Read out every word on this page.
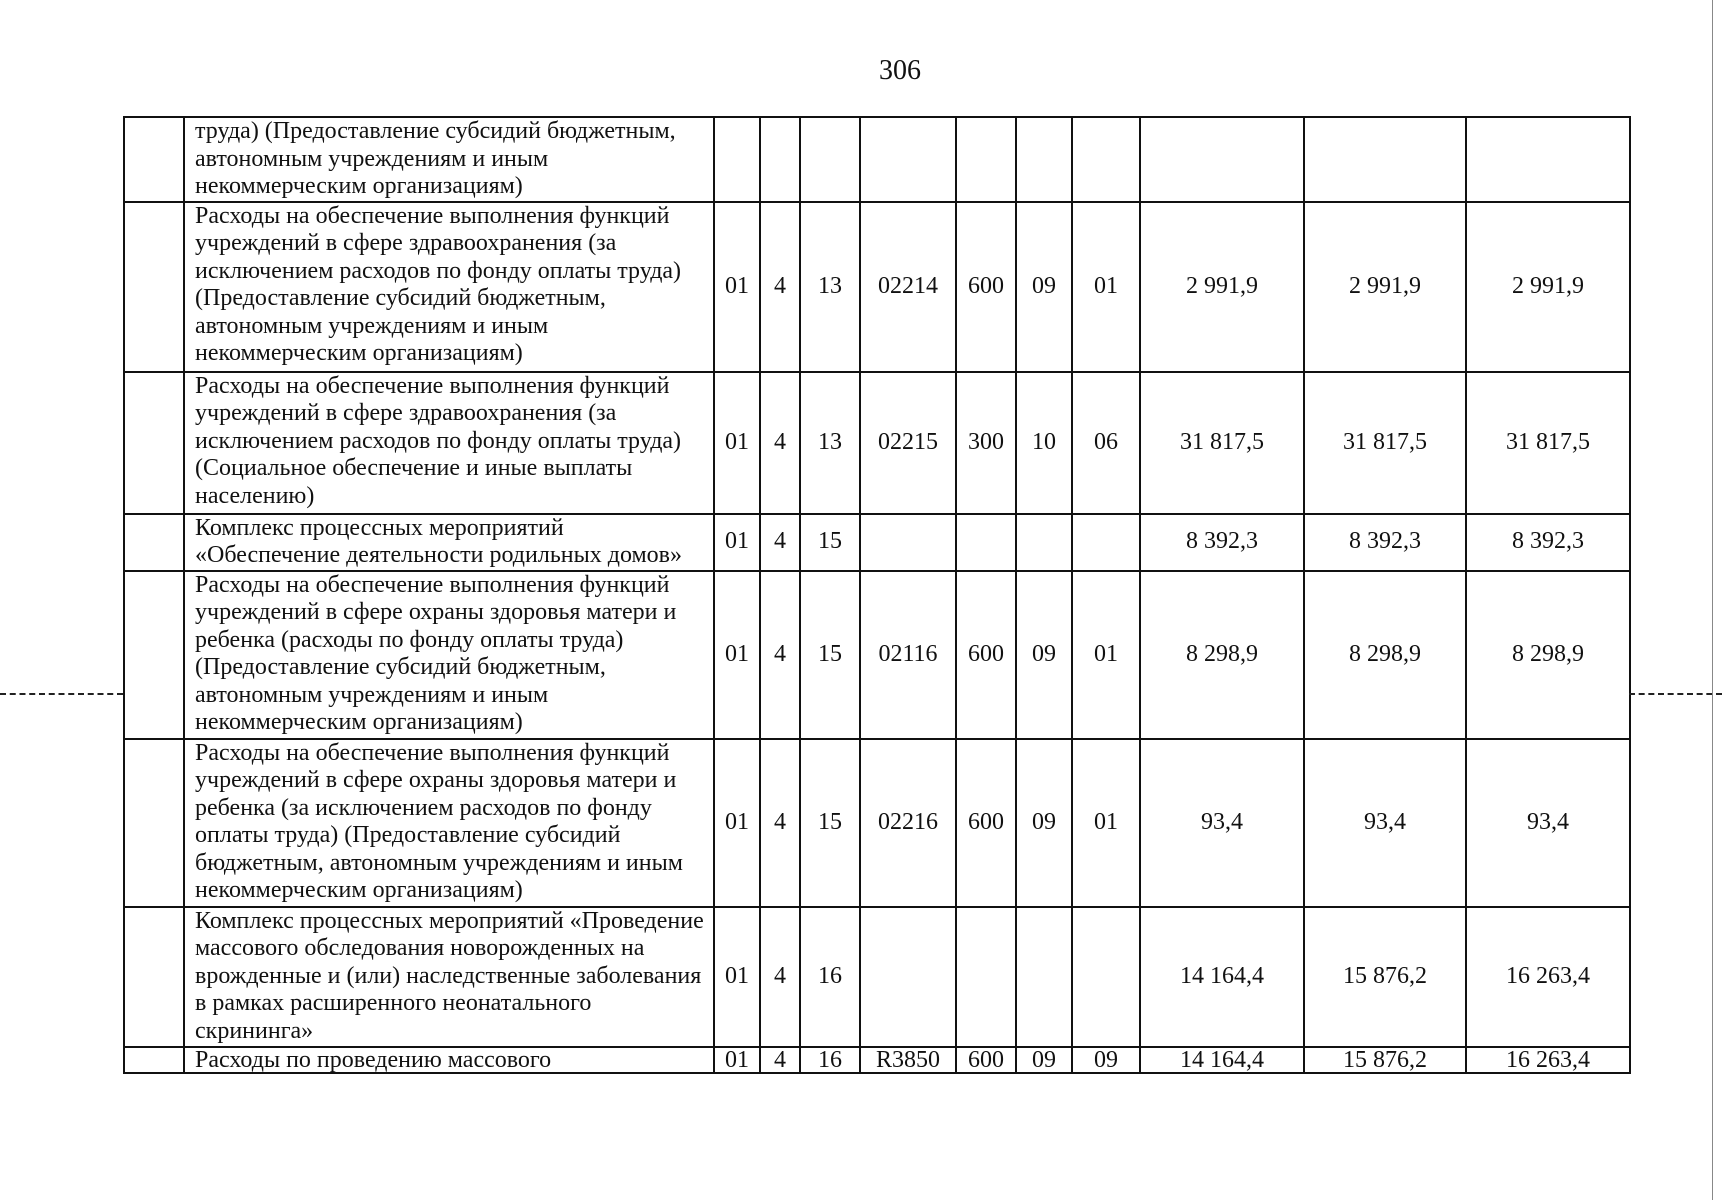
306
	труда) (Предоставление субсидий бюджетным, автономным учреждениям и иным некоммерческим организациям)										
	Расходы на обеспечение выполнения функций учреждений в сфере здравоохранения (за исключением расходов по фонду оплаты труда) (Предоставление субсидий бюджетным, автономным учреждениям и иным некоммерческим организациям)	01	4	13	02214	600	09	01	2 991,9	2 991,9	2 991,9
	Расходы на обеспечение выполнения функций учреждений в сфере здравоохранения (за исключением расходов по фонду оплаты труда) (Социальное обеспечение и иные выплаты населению)	01	4	13	02215	300	10	06	31 817,5	31 817,5	31 817,5
	Комплекс процессных мероприятий «Обеспечение деятельности родильных домов»	01	4	15					8 392,3	8 392,3	8 392,3
	Расходы на обеспечение выполнения функций учреждений в сфере охраны здоровья матери и ребенка (расходы по фонду оплаты труда) (Предоставление субсидий бюджетным, автономным учреждениям и иным некоммерческим организациям)	01	4	15	02116	600	09	01	8 298,9	8 298,9	8 298,9
	Расходы на обеспечение выполнения функций учреждений в сфере охраны здоровья матери и ребенка (за исключением расходов по фонду оплаты труда) (Предоставление субсидий бюджетным, автономным учреждениям и иным некоммерческим организациям)	01	4	15	02216	600	09	01	93,4	93,4	93,4
	Комплекс процессных мероприятий «Проведение массового обследования новорожденных на врожденные и (или) наследственные заболевания в рамках расширенного неонатального скрининга»	01	4	16					14 164,4	15 876,2	16 263,4
	Расходы по проведению массового	01	4	16	R3850	600	09	09	14 164,4	15 876,2	16 263,4
